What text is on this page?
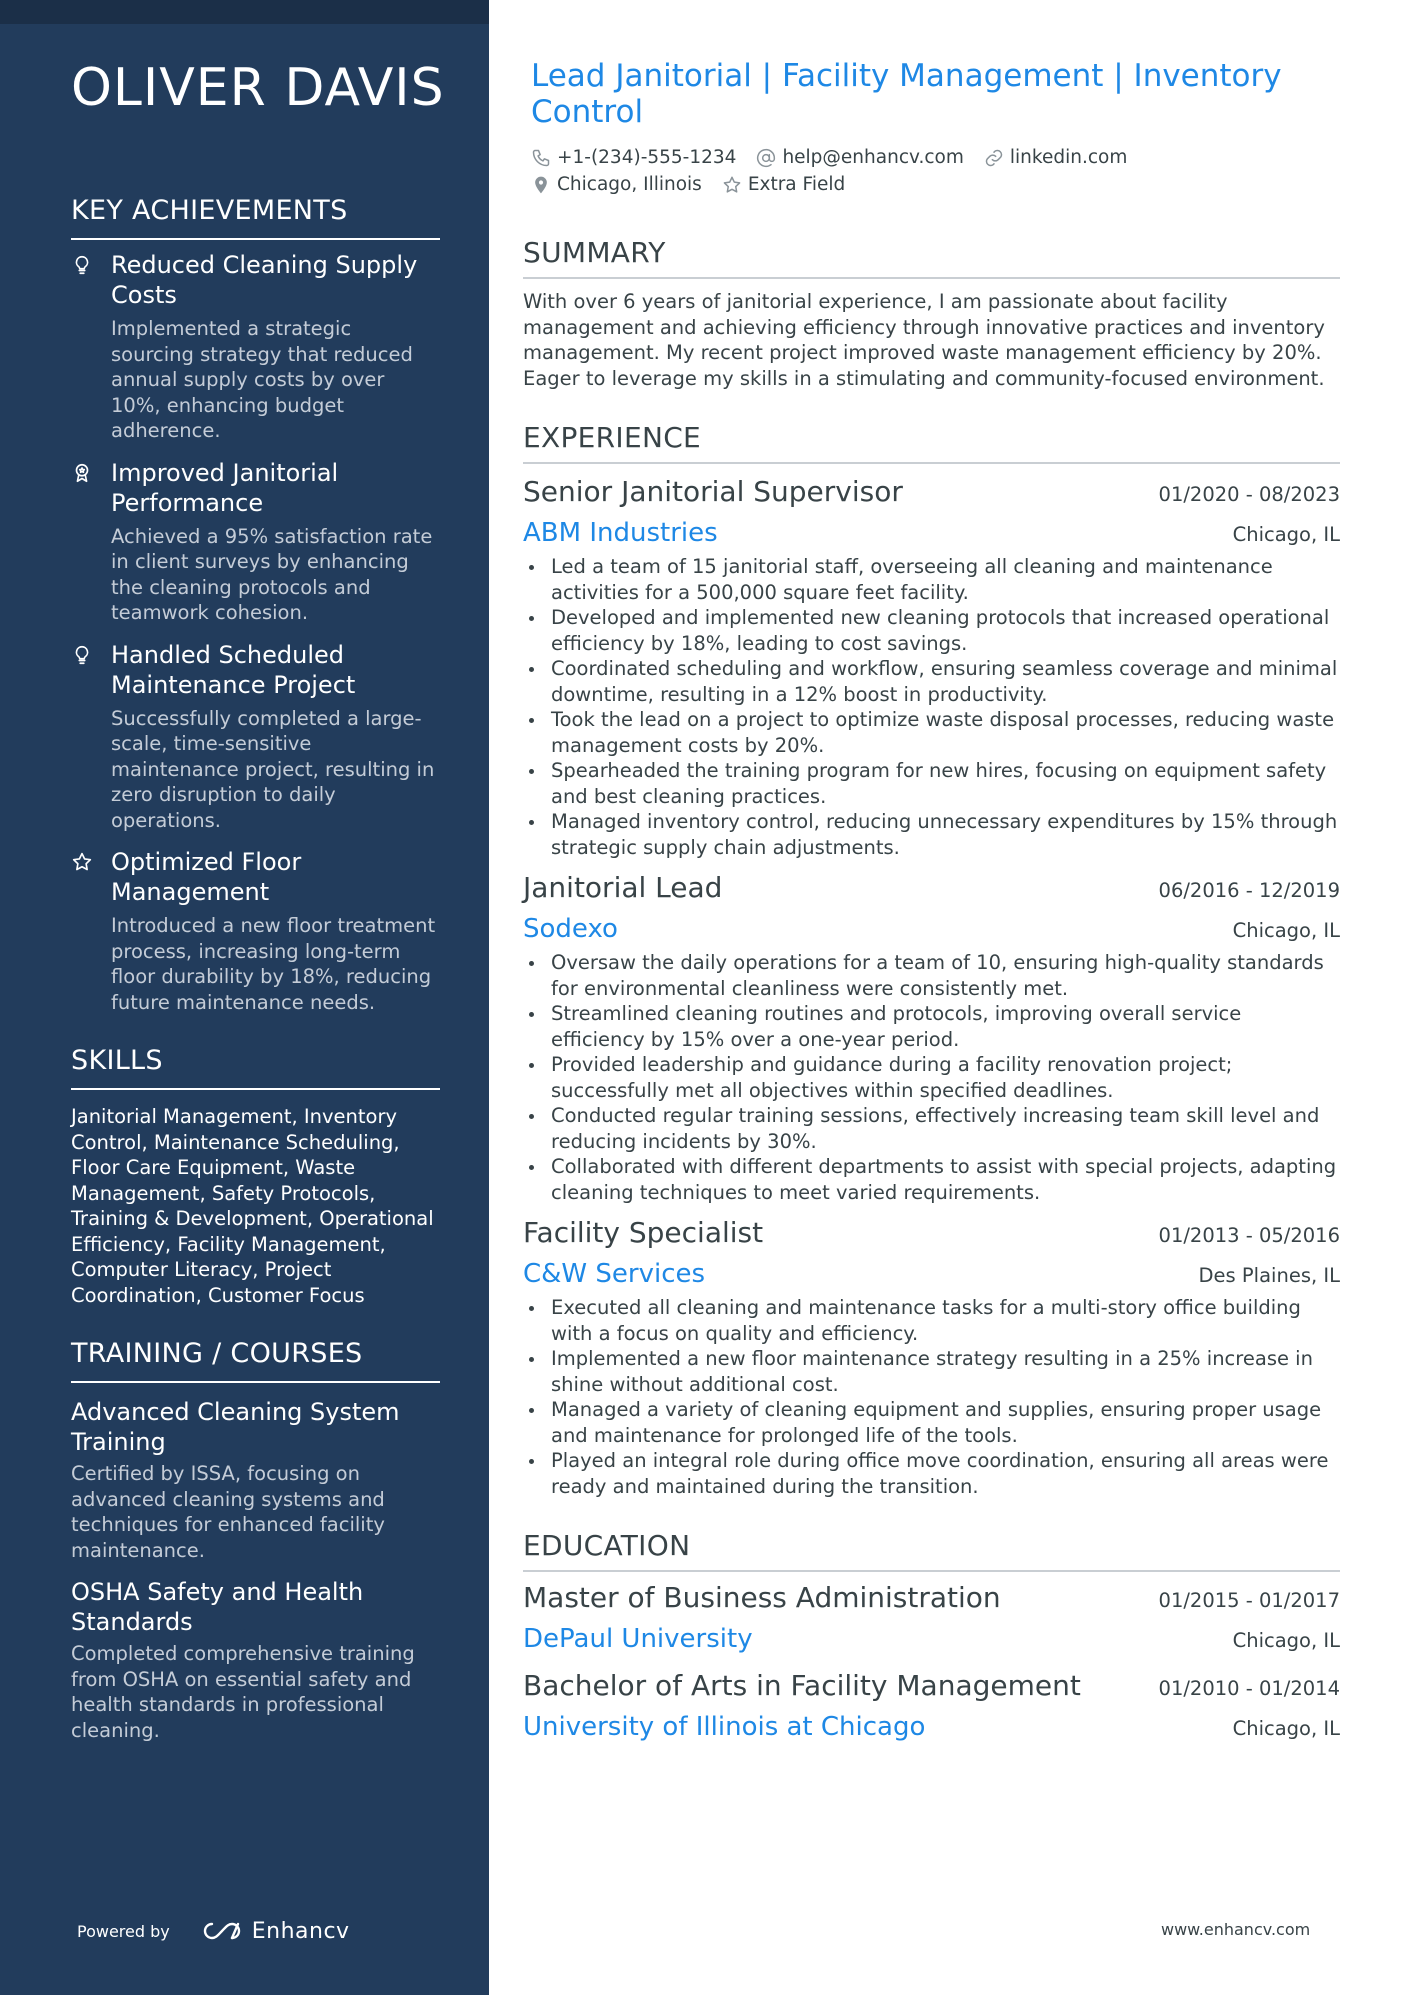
OLIVER DAVIS
KEY ACHIEVEMENTS
Reduced Cleaning Supply Costs
Implemented a strategic sourcing strategy that reduced annual supply costs by over 10%, enhancing budget adherence.
Improved Janitorial Performance
Achieved a 95% satisfaction rate in client surveys by enhancing the cleaning protocols and teamwork cohesion.
Handled Scheduled Maintenance Project
Successfully completed a large-scale, time-sensitive maintenance project, resulting in zero disruption to daily operations.
Optimized Floor Management
Introduced a new floor treatment process, increasing long-term floor durability by 18%, reducing future maintenance needs.
SKILLS
Janitorial Management, Inventory Control, Maintenance Scheduling, Floor Care Equipment, Waste Management, Safety Protocols, Training & Development, Operational Efficiency, Facility Management, Computer Literacy, Project Coordination, Customer Focus
TRAINING / COURSES
Advanced Cleaning System Training
Certified by ISSA, focusing on advanced cleaning systems and techniques for enhanced facility maintenance.
OSHA Safety and Health Standards
Completed comprehensive training from OSHA on essential safety and health standards in professional cleaning.
Powered by	Enhancv
Lead Janitorial | Facility Management | Inventory Control
+1-(234)-555-1234 help@enhancv.com linkedin.com
Chicago, Illinois Extra Field
SUMMARY
With over 6 years of janitorial experience, I am passionate about facility management and achieving efficiency through innovative practices and inventory management. My recent project improved waste management efficiency by 20%. Eager to leverage my skills in a stimulating and community-focused environment.
EXPERIENCE
Senior Janitorial Supervisor	01/2020 - 08/2023
ABM Industries	Chicago, IL
Led a team of 15 janitorial staff, overseeing all cleaning and maintenance activities for a 500,000 square feet facility.
Developed and implemented new cleaning protocols that increased operational efficiency by 18%, leading to cost savings.
Coordinated scheduling and workflow, ensuring seamless coverage and minimal downtime, resulting in a 12% boost in productivity.
Took the lead on a project to optimize waste disposal processes, reducing waste management costs by 20%.
Spearheaded the training program for new hires, focusing on equipment safety and best cleaning practices.
Managed inventory control, reducing unnecessary expenditures by 15% through strategic supply chain adjustments.
Janitorial Lead	06/2016 - 12/2019
Sodexo	Chicago, IL
Oversaw the daily operations for a team of 10, ensuring high-quality standards for environmental cleanliness were consistently met.
Streamlined cleaning routines and protocols, improving overall service efficiency by 15% over a one-year period.
Provided leadership and guidance during a facility renovation project; successfully met all objectives within specified deadlines.
Conducted regular training sessions, effectively increasing team skill level and reducing incidents by 30%.
Collaborated with different departments to assist with special projects, adapting cleaning techniques to meet varied requirements.
Facility Specialist	01/2013 - 05/2016
C&W Services	Des Plaines, IL
Executed all cleaning and maintenance tasks for a multi-story office building with a focus on quality and efficiency.
Implemented a new floor maintenance strategy resulting in a 25% increase in shine without additional cost.
Managed a variety of cleaning equipment and supplies, ensuring proper usage and maintenance for prolonged life of the tools.
Played an integral role during office move coordination, ensuring all areas were ready and maintained during the transition.
EDUCATION
Master of Business Administration	01/2015 - 01/2017
DePaul University	Chicago, IL
Bachelor of Arts in Facility Management	01/2010 - 01/2014
University of Illinois at Chicago	Chicago, IL
www.enhancv.com
